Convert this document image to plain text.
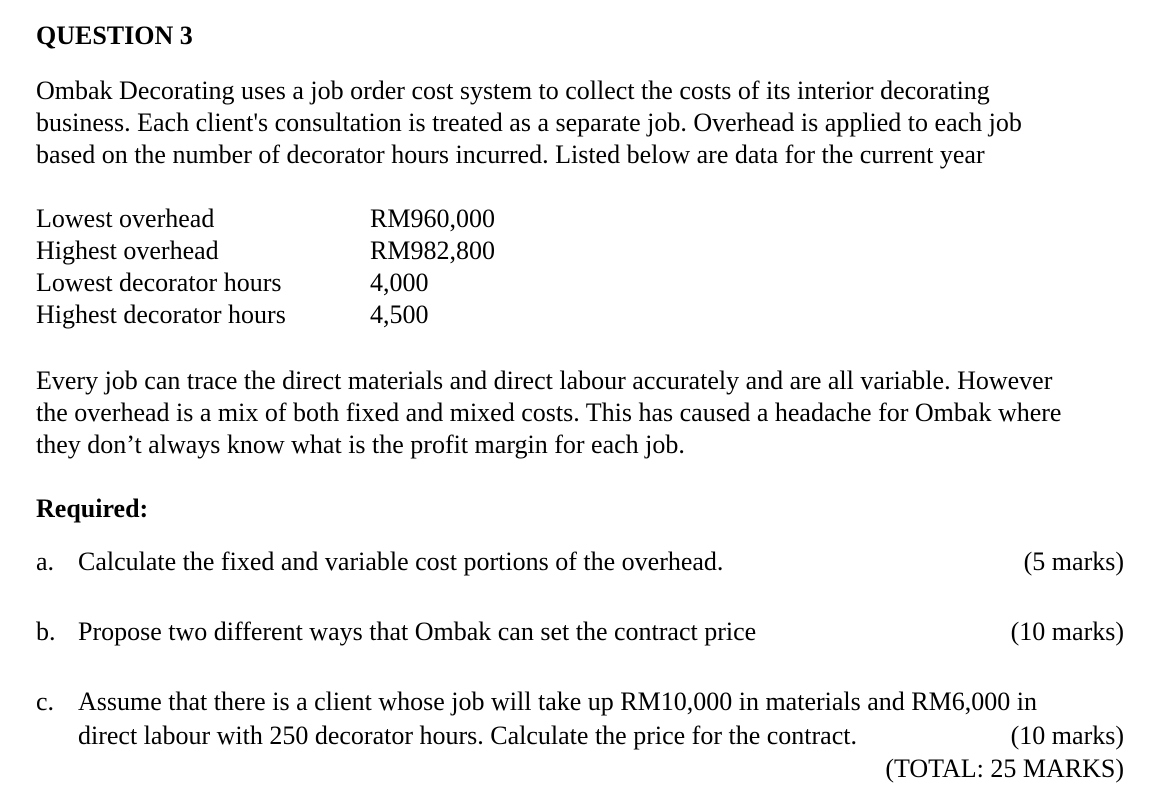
QUESTION 3
Ombak Decorating uses a job order cost system to collect the costs of its interior decorating
business. Each client's consultation is treated as a separate job. Overhead is applied to each job
based on the number of decorator hours incurred. Listed below are data for the current year
Lowest overhead	RM960,000
Highest overhead	RM982,800
Lowest decorator hours	4,000
Highest decorator hours	4,500
Every job can trace the direct materials and direct labour accurately and are all variable. However
the overhead is a mix of both fixed and mixed costs. This has caused a headache for Ombak where
they don’t always know what is the profit margin for each job.
Required:
a. Calculate the fixed and variable cost portions of the overhead.	(5 marks)
b. Propose two different ways that Ombak can set the contract price	(10 marks)
c. Assume that there is a client whose job will take up RM10,000 in materials and RM6,000 in
direct labour with 250 decorator hours. Calculate the price for the contract.	(10 marks)
(TOTAL: 25 MARKS)
